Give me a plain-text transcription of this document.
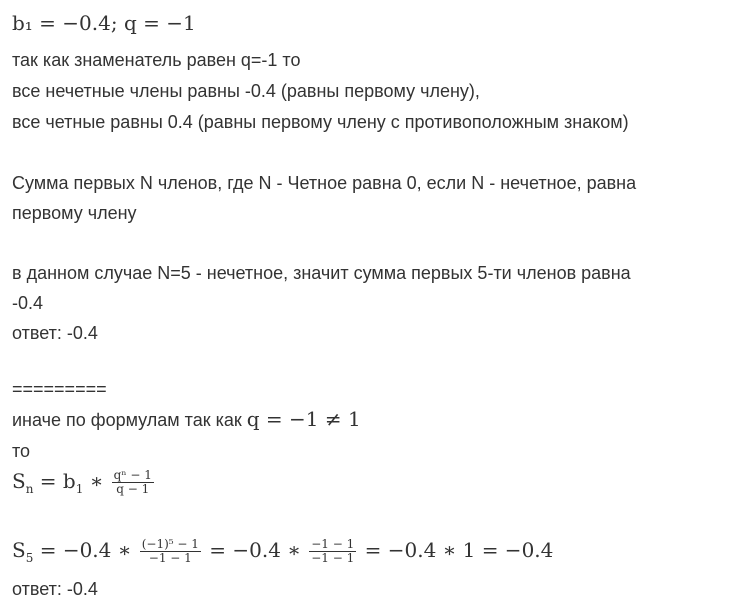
b₁ = −0.4; q = −1
так как знаменатель равен q=-1 то
все нечетные члены равны -0.4 (равны первому члену),
все четные равны 0.4 (равны первому члену с противоположным знаком)
Сумма первых N членов, где N - Четное равна 0, если N - нечетное, равна
первому члену
в данном случае N=5 - нечетное, значит сумма первых 5-ти членов равна
-0.4
ответ: -0.4
=========
иначе по формулам так как q = −1 ≠ 1
то
$S_n = b_1$ ∗ $\frac{\text{qⁿ − 1}}{q - 1}$
$S_5 = -0.4$ ∗ $\frac{\text{(−1)⁵ − 1}}{-1 - 1} = -0.4$ ∗ $\frac{-1 - 1}{-1 - 1} = -0.4$ ∗ 1 = −0.4
ответ: -0.4
